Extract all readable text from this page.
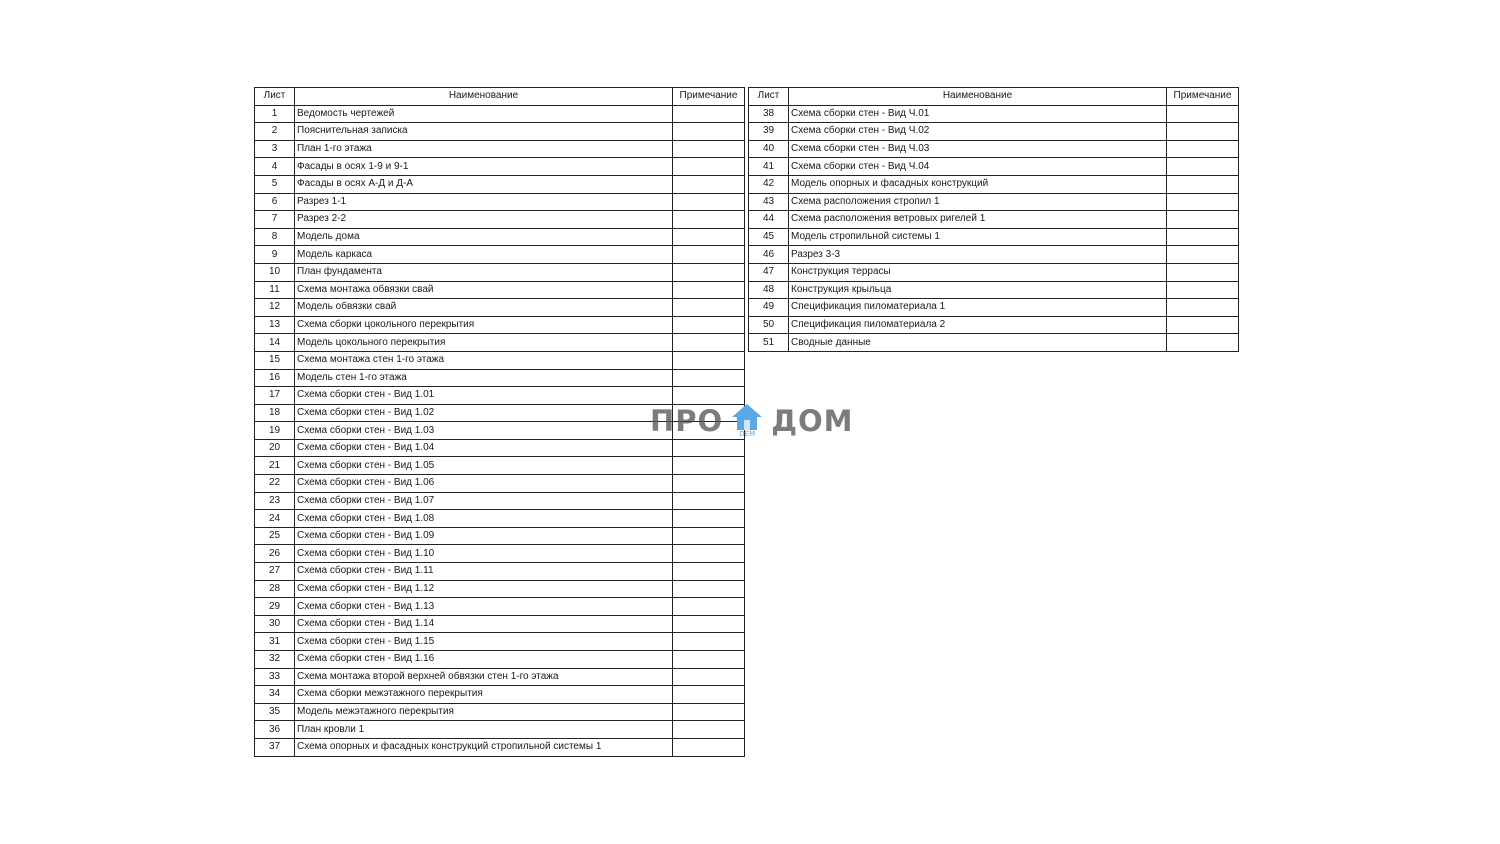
Лист	Наименование	Примечание
1	Ведомость чертежей	
2	Пояснительная записка	
3	План 1-го этажа	
4	Фасады в осях 1-9 и 9-1	
5	Фасады в осях А-Д и Д-А	
6	Разрез 1-1	
7	Разрез 2-2	
8	Модель дома	
9	Модель каркаса	
10	План фундамента	
11	Схема монтажа обвязки свай	
12	Модель обвязки свай	
13	Схема сборки цокольного перекрытия	
14	Модель цокольного перекрытия	
15	Схема монтажа стен 1-го этажа	
16	Модель стен 1-го этажа	
17	Схема сборки стен - Вид 1.01	
18	Схема сборки стен - Вид 1.02	
19	Схема сборки стен - Вид 1.03	
20	Схема сборки стен - Вид 1.04	
21	Схема сборки стен - Вид 1.05	
22	Схема сборки стен - Вид 1.06	
23	Схема сборки стен - Вид 1.07	
24	Схема сборки стен - Вид 1.08	
25	Схема сборки стен - Вид 1.09	
26	Схема сборки стен - Вид 1.10	
27	Схема сборки стен - Вид 1.11	
28	Схема сборки стен - Вид 1.12	
29	Схема сборки стен - Вид 1.13	
30	Схема сборки стен - Вид 1.14	
31	Схема сборки стен - Вид 1.15	
32	Схема сборки стен - Вид 1.16	
33	Схема монтажа второй верхней обвязки стен 1-го этажа	
34	Схема сборки межэтажного перекрытия	
35	Модель межэтажного перекрытия	
36	План кровли 1	
37	Схема опорных и фасадных конструкций стропильной системы 1	
Лист	Наименование	Примечание
38	Схема сборки стен - Вид Ч.01	
39	Схема сборки стен - Вид Ч.02	
40	Схема сборки стен - Вид Ч.03	
41	Схема сборки стен - Вид Ч.04	
42	Модель опорных и фасадных конструкций	
43	Схема расположения стропил 1	
44	Схема расположения ветровых ригелей 1	
45	Модель стропильной системы 1	
46	Разрез 3-3	
47	Конструкция террасы	
48	Конструкция крыльца	
49	Спецификация пиломатериала 1	
50	Спецификация пиломатериала 2	
51	Сводные данные	
ПРО	DEM ДОМ
